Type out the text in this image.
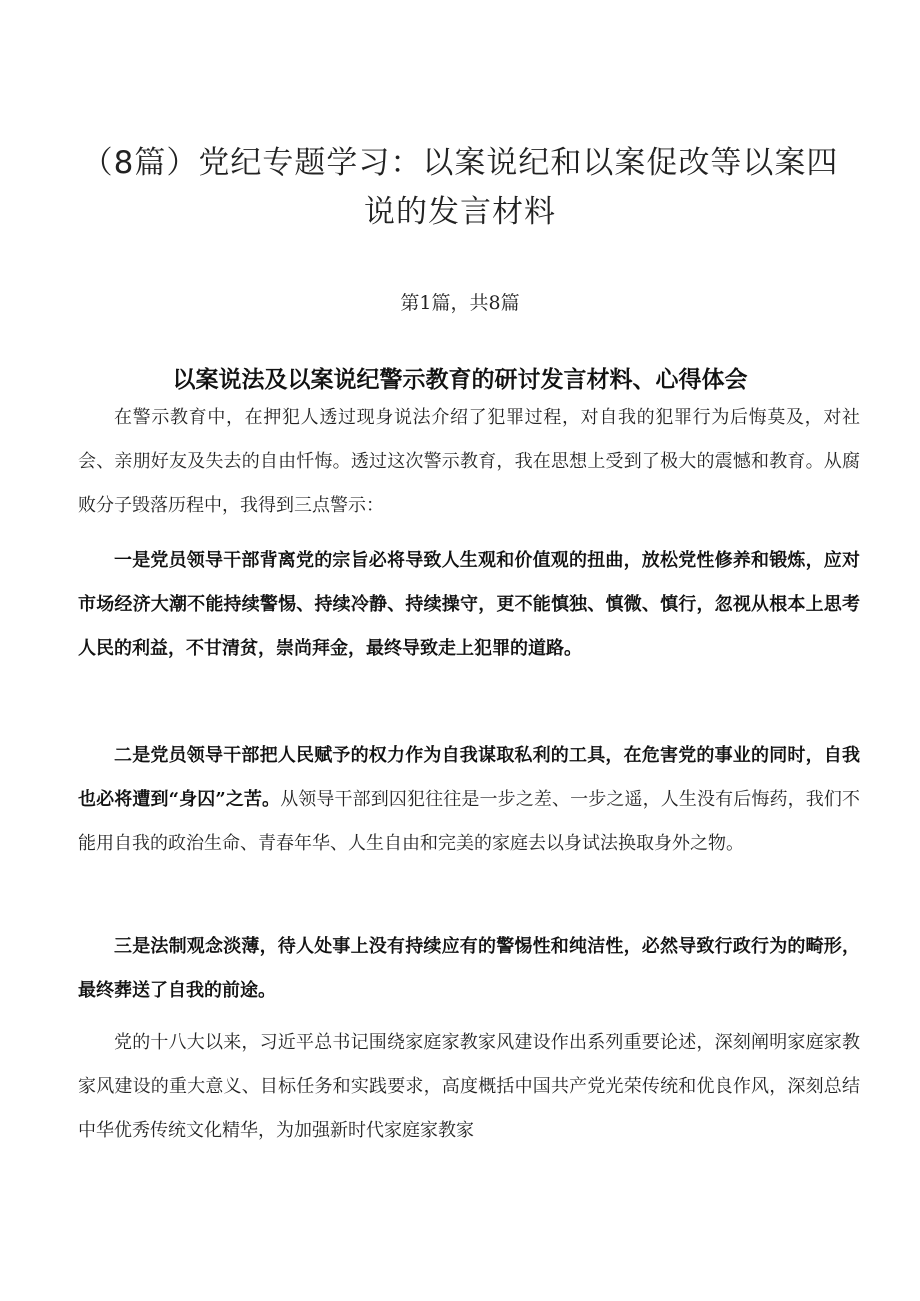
（8篇）党纪专题学习：以案说纪和以案促改等以案四说的发言材料
第1篇，共8篇
以案说法及以案说纪警示教育的研讨发言材料、心得体会

在警示教育中，在押犯人透过现身说法介绍了犯罪过程，对自我的犯罪行为后悔莫及，对社会、亲朋好友及失去的自由忏悔。透过这次警示教育，我在思想上受到了极大的震憾和教育。从腐败分子毁落历程中，我得到三点警示：

一是党员领导干部背离党的宗旨必将导致人生观和价值观的扭曲，放松党性修养和锻炼，应对市场经济大潮不能持续警惕、持续冷静、持续操守，更不能慎独、慎微、慎行，忽视从根本上思考人民的利益，不甘清贫，崇尚拜金，最终导致走上犯罪的道路。

二是党员领导干部把人民赋予的权力作为自我谋取私利的工具，在危害党的事业的同时，自我也必将遭到“身囚”之苦。从领导干部到囚犯往往是一步之差、一步之遥，人生没有后悔药，我们不能用自我的政治生命、青春年华、人生自由和完美的家庭去以身试法换取身外之物。

三是法制观念淡薄，待人处事上没有持续应有的警惕性和纯洁性，必然导致行政行为的畸形，最终葬送了自我的前途。

党的十八大以来，习近平总书记围绕家庭家教家风建设作出系列重要论述，深刻阐明家庭家教家风建设的重大意义、目标任务和实践要求，高度概括中国共产党光荣传统和优良作风，深刻总结中华优秀传统文化精华，为加强新时代家庭家教家
